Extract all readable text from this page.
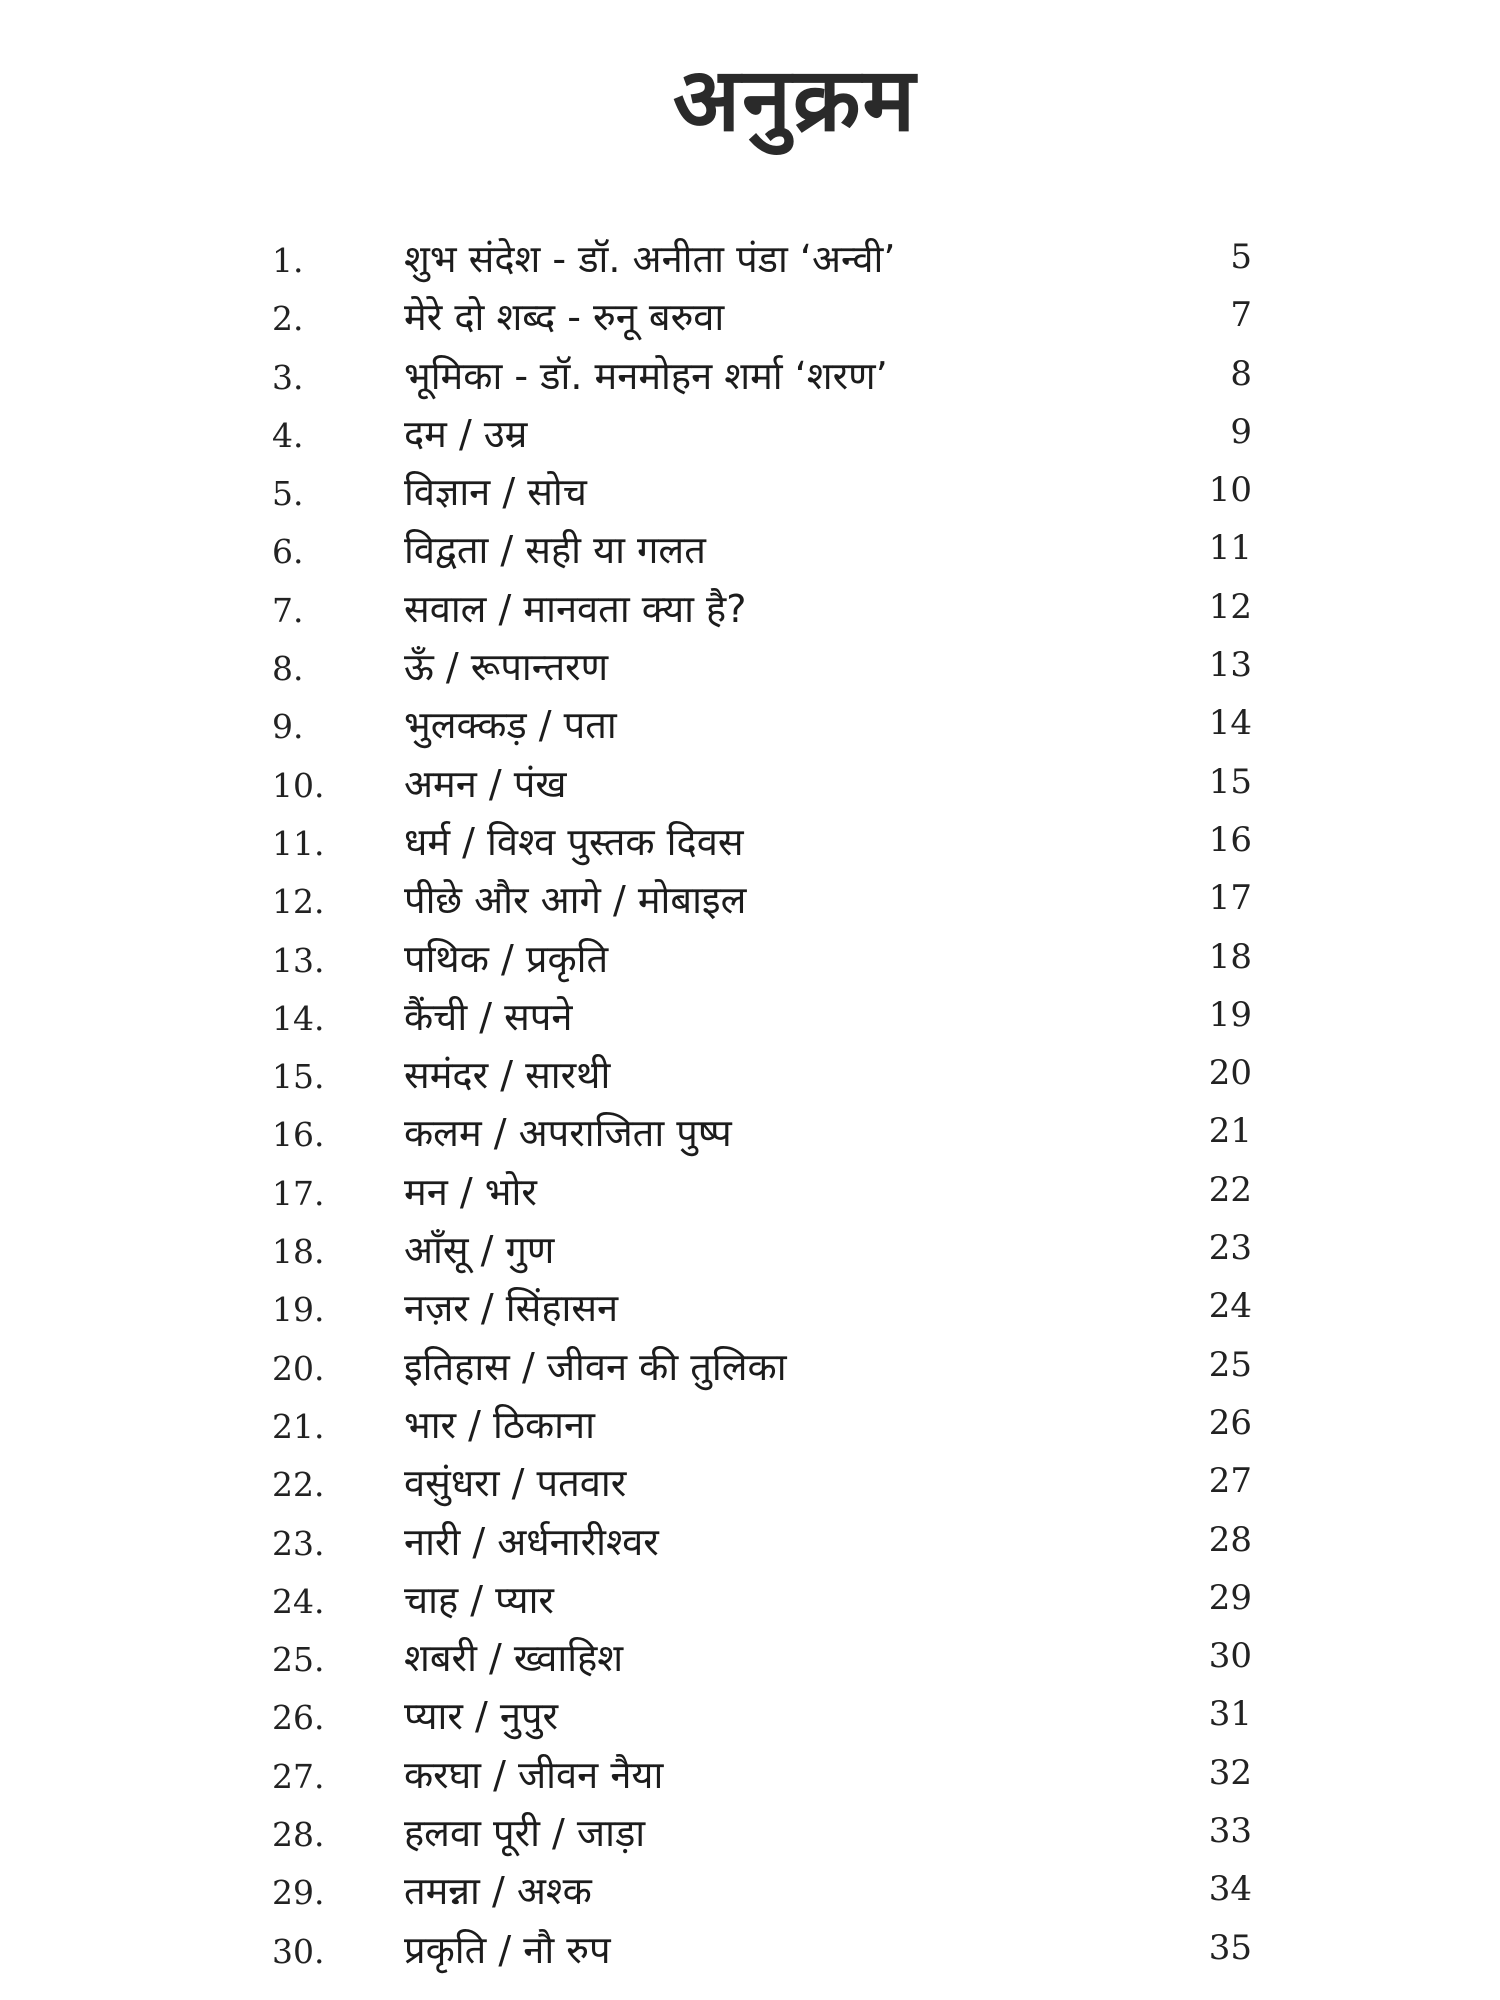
अनुक्रम
1.	शुभ संदेश - डॉ. अनीता पंडा ‘अन्वी’	5
2.	मेरे दो शब्द - रुनू बरुवा	7
3.	भूमिका - डॉ. मनमोहन शर्मा ‘शरण’	8
4.	दम / उम्र	9
5.	विज्ञान / सोच	10
6.	विद्वता / सही या गलत	11
7.	सवाल / मानवता क्या है?	12
8.	ऊँ / रूपान्तरण	13
9.	भुलक्कड़ / पता	14
10. अमन / पंख	15
11. धर्म / विश्व पुस्तक दिवस	16
12. पीछे और आगे / मोबाइल	17
13. पथिक / प्रकृति	18
14. कैंची / सपने	19
15. समंदर / सारथी	20
16. कलम / अपराजिता पुष्प	21
17. मन / भोर	22
18. आँसू / गुण	23
19. नज़र / सिंहासन	24
20. इतिहास / जीवन की तुलिका	25
21. भार / ठिकाना	26
22. वसुंधरा / पतवार	27
23. नारी / अर्धनारीश्वर	28
24. चाह / प्यार	29
25. शबरी / ख्वाहिश	30
26. प्यार / नुपुर	31
27. करघा / जीवन नैया	32
28. हलवा पूरी / जाड़ा	33
29. तमन्ना / अश्क	34
30. प्रकृति / नौ रुप	35
